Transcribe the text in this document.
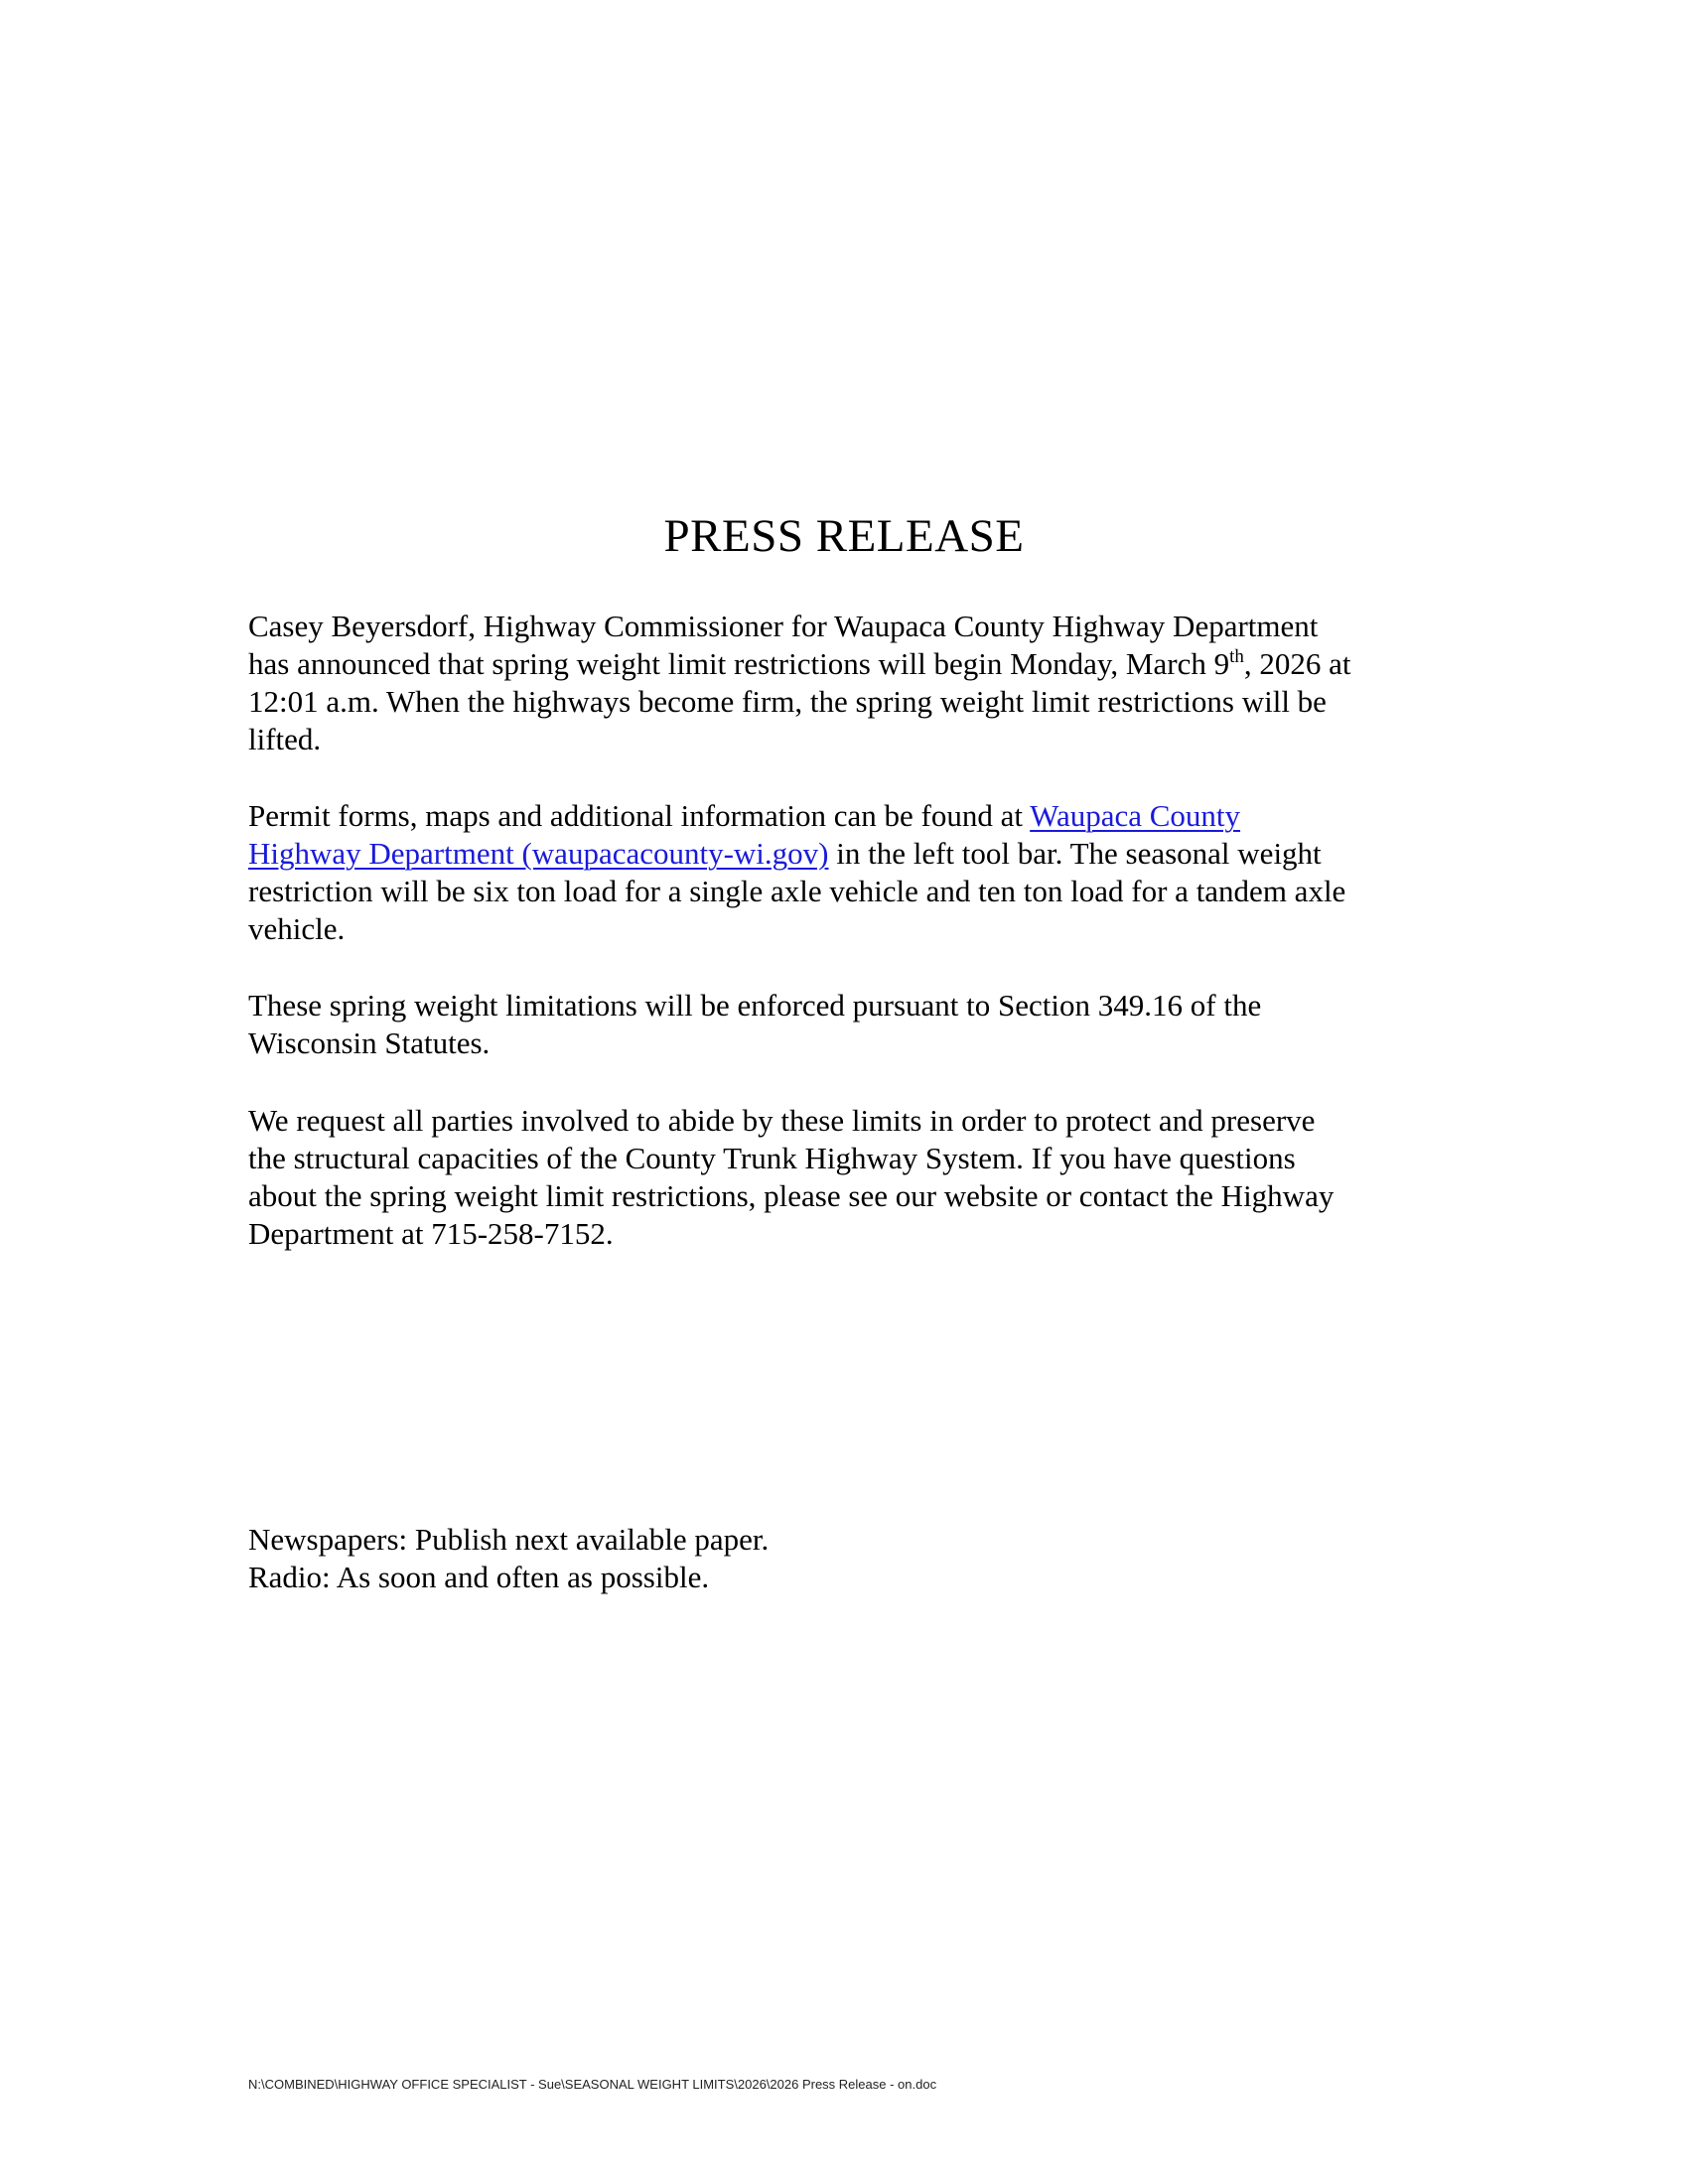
PRESS RELEASE

Casey Beyersdorf, Highway Commissioner for Waupaca County Highway Department
has announced that spring weight limit restrictions will begin Monday, March 9th, 2026 at
12:01 a.m. When the highways become firm, the spring weight limit restrictions will be
lifted.

Permit forms, maps and additional information can be found at Waupaca County
Highway Department (waupacacounty-wi.gov) in the left tool bar. The seasonal weight
restriction will be six ton load for a single axle vehicle and ten ton load for a tandem axle
vehicle.

These spring weight limitations will be enforced pursuant to Section 349.16 of the
Wisconsin Statutes.

We request all parties involved to abide by these limits in order to protect and preserve
the structural capacities of the County Trunk Highway System. If you have questions
about the spring weight limit restrictions, please see our website or contact the Highway
Department at 715-258-7152.

Newspapers: Publish next available paper.
Radio: As soon and often as possible.

N:\COMBINED\HIGHWAY OFFICE SPECIALIST - Sue\SEASONAL WEIGHT LIMITS\2026\2026 Press Release - on.doc
